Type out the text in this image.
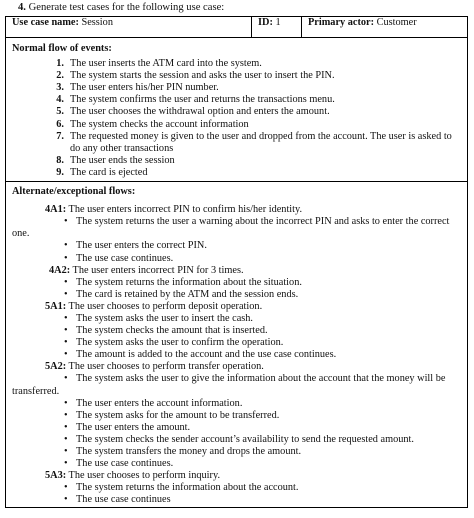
4. Generate test cases for the following use case:
Use case name: Session	ID: 1	Primary actor: Customer

Normal flow of events:
1. The user inserts the ATM card into the system.
2. The system starts the session and asks the user to insert the PIN.
3. The user enters his/her PIN number.
4. The system confirms the user and returns the transactions menu.
5. The user chooses the withdrawal option and enters the amount.
6. The system checks the account information
7. The requested money is given to the user and dropped from the account. The user is asked to do any other transactions
8. The user ends the session
9. The card is ejected

Alternate/exceptional flows:
4A1: The user enters incorrect PIN to confirm his/her identity.
• The system returns the user a warning about the incorrect PIN and asks to enter the correct one.
• The user enters the correct PIN.
• The use case continues.
4A2: The user enters incorrect PIN for 3 times.
• The system returns the information about the situation.
• The card is retained by the ATM and the session ends.
5A1: The user chooses to perform deposit operation.
• The system asks the user to insert the cash.
• The system checks the amount that is inserted.
• The system asks the user to confirm the operation.
• The amount is added to the account and the use case continues.
5A2: The user chooses to perform transfer operation.
• The system asks the user to give the information about the account that the money will be transferred.
• The user enters the account information.
• The system asks for the amount to be transferred.
• The user enters the amount.
• The system checks the sender account’s availability to send the requested amount.
• The system transfers the money and drops the amount.
• The use case continues.
5A3: The user chooses to perform inquiry.
• The system returns the information about the account.
• The use case continues
